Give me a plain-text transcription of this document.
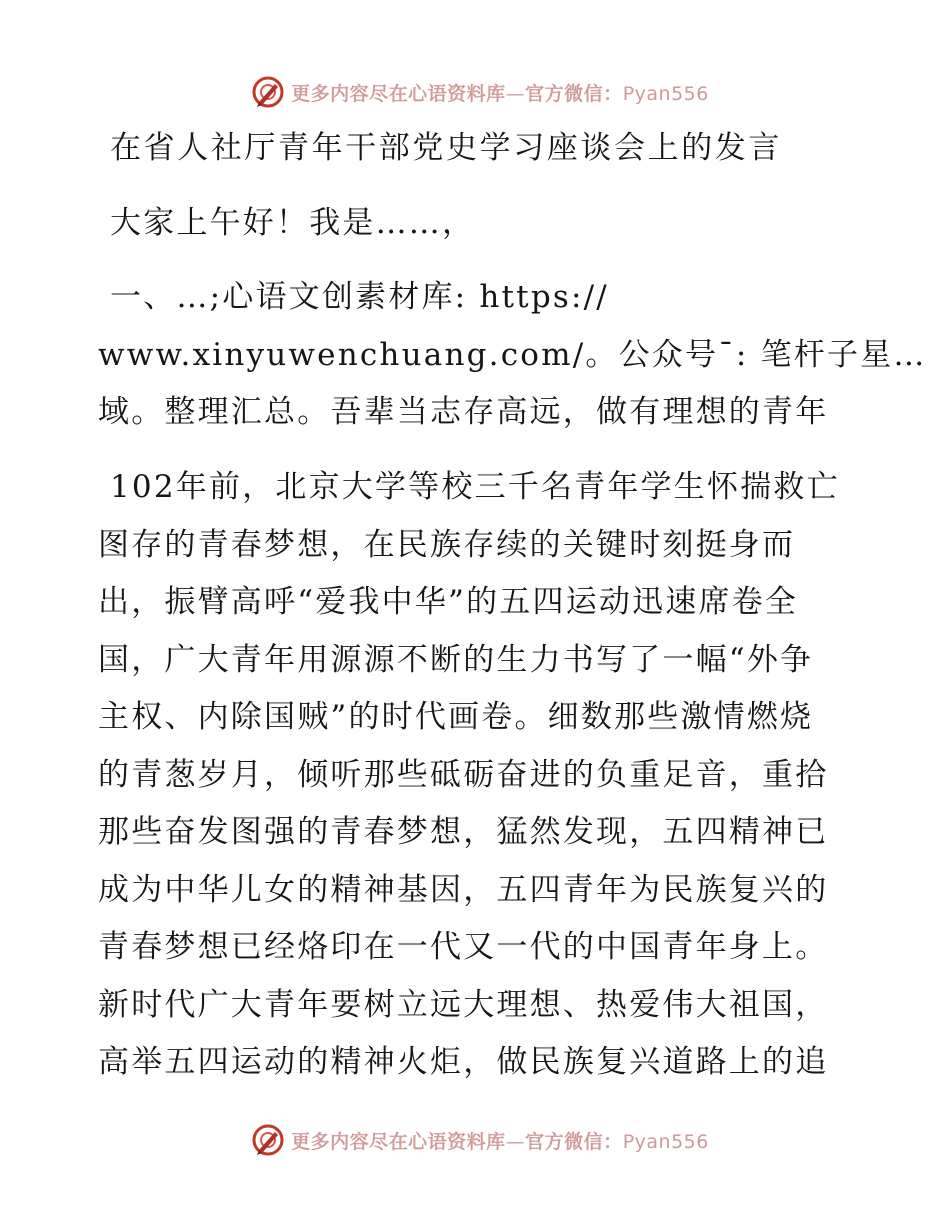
更多内容尽在心语资料库—官方微信：Pyan556
在省人社厅青年干部党史学习座谈会上的发言
大家上午好！我是……，
一、…;心语文创素材库: https://
www.xinyuwenchuang.com/。公众号¯: 笔杆子星…
域。整理汇总。吾辈当志存高远，做有理想的青年
102年前，北京大学等校三千名青年学生怀揣救亡
图存的青春梦想，在民族存续的关键时刻挺身而
出，振臂高呼“爱我中华”的五四运动迅速席卷全
国，广大青年用源源不断的生力书写了一幅“外争
主权、内除国贼”的时代画卷。细数那些激情燃烧
的青葱岁月，倾听那些砥砺奋进的负重足音，重拾
那些奋发图强的青春梦想，猛然发现，五四精神已
成为中华儿女的精神基因，五四青年为民族复兴的
青春梦想已经烙印在一代又一代的中国青年身上。
新时代广大青年要树立远大理想、热爱伟大祖国，
高举五四运动的精神火炬，做民族复兴道路上的追
更多内容尽在心语资料库—官方微信：Pyan556
